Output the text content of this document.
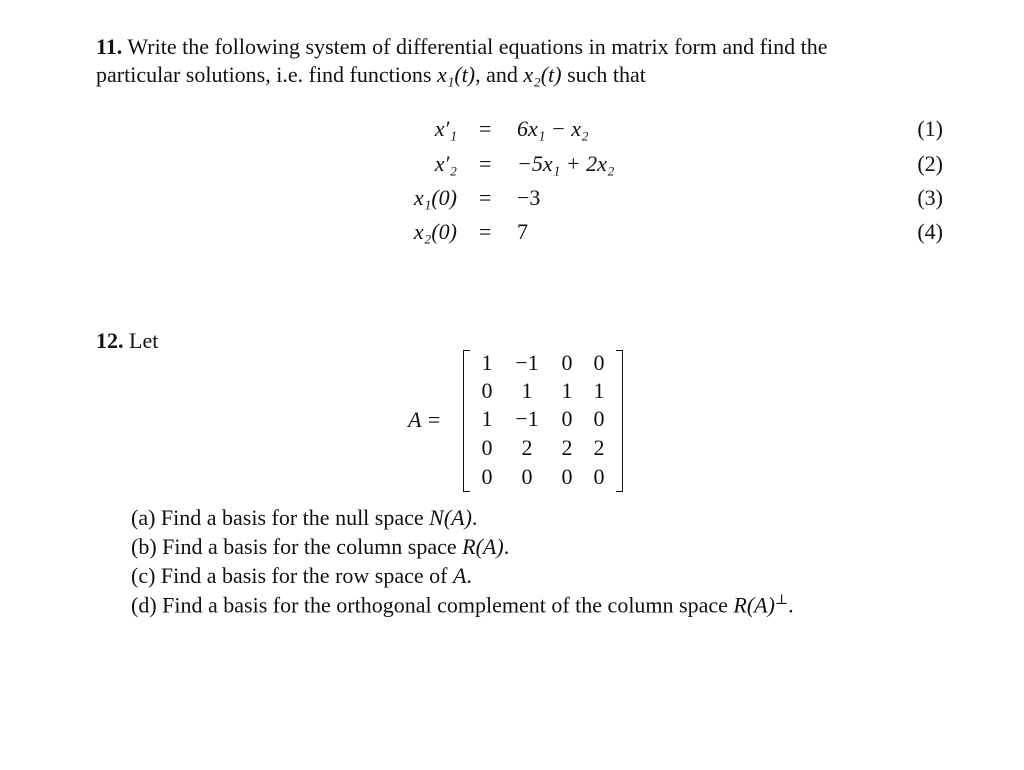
11. Write the following system of differential equations in matrix form and find the
particular solutions, i.e. find functions x₁(t), and x₂(t) such that
x′₁ = 6x₁ − x₂	(1)
x′₂ = −5x₁ + 2x₂	(2)
x₁(0) = −3	(3)
x₂(0) = 7	(4)
12. Let
A =
1	−1	0 0
0	1	1 1
1	−1	0 0
0	2	2 2
0	0	0 0
(a) Find a basis for the null space N(A).
(b) Find a basis for the column space R(A).
(c) Find a basis for the row space of A.
(d) Find a basis for the orthogonal complement of the column space R(A)⊥.
